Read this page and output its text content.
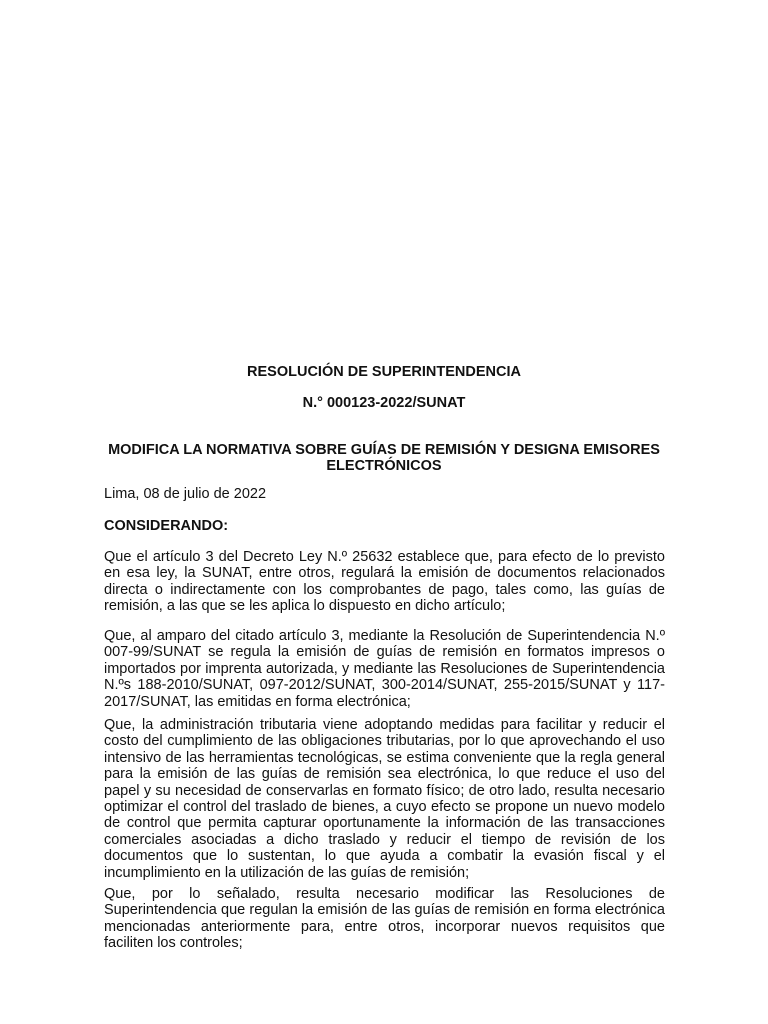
RESOLUCIÓN DE SUPERINTENDENCIA

N.° 000123-2022/SUNAT

MODIFICA LA NORMATIVA SOBRE GUÍAS DE REMISIÓN Y DESIGNA EMISORES ELECTRÓNICOS

Lima, 08 de julio de 2022

CONSIDERANDO:

Que el artículo 3 del Decreto Ley N.º 25632 establece que, para efecto de lo previsto en esa ley, la SUNAT, entre otros, regulará la emisión de documentos relacionados directa o indirectamente con los comprobantes de pago, tales como, las guías de remisión, a las que se les aplica lo dispuesto en dicho artículo;

Que, al amparo del citado artículo 3, mediante la Resolución de Superintendencia N.º 007-99/SUNAT se regula la emisión de guías de remisión en formatos impresos o importados por imprenta autorizada, y mediante las Resoluciones de Superintendencia N.ºs 188-2010/SUNAT, 097-2012/SUNAT, 300-2014/SUNAT, 255-2015/SUNAT y 117-2017/SUNAT, las emitidas en forma electrónica;

Que, la administración tributaria viene adoptando medidas para facilitar y reducir el costo del cumplimiento de las obligaciones tributarias, por lo que aprovechando el uso intensivo de las herramientas tecnológicas, se estima conveniente que la regla general para la emisión de las guías de remisión sea electrónica, lo que reduce el uso del papel y su necesidad de conservarlas en formato físico; de otro lado, resulta necesario optimizar el control del traslado de bienes, a cuyo efecto se propone un nuevo modelo de control que permita capturar oportunamente la información de las transacciones comerciales asociadas a dicho traslado y reducir el tiempo de revisión de los documentos que lo sustentan, lo que ayuda a combatir la evasión fiscal y el incumplimiento en la utilización de las guías de remisión;

Que, por lo señalado, resulta necesario modificar las Resoluciones de Superintendencia que regulan la emisión de las guías de remisión en forma electrónica mencionadas anteriormente para, entre otros, incorporar nuevos requisitos que faciliten los controles;
